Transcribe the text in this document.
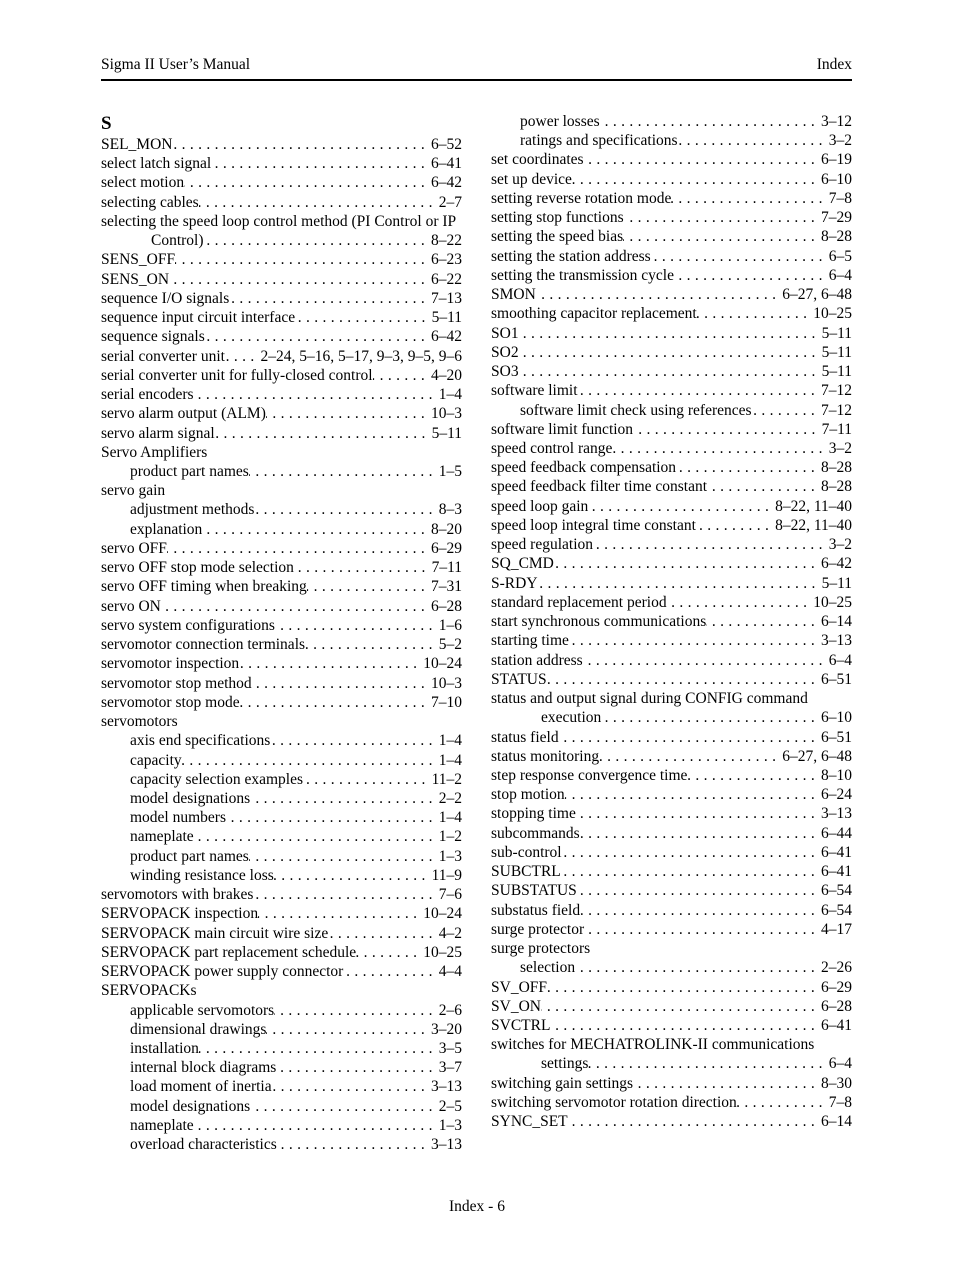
Sigma II User’s Manual	Index
S
SEL_MON . . .	6–52
select latch signal . . .	6–41
select motion . . .	6–42
selecting cables . . .	2–7
selecting the speed loop control method (PI Control or IP
Control) . . .	8–22
SENS_OFF . . .	6–23
SENS_ON . . .	6–22
sequence I/O signals . . .	7–13
sequence input circuit interface . . .	5–11
sequence signals . . .	6–42
serial converter unit . . . 2–24, 5–16, 5–17, 9–3, 9–5, 9–6
serial converter unit for fully-closed control . . .	4–20
serial encoders . . .	1–4
servo alarm output (ALM) . . .	10–3
servo alarm signal . . .	5–11
Servo Amplifiers
product part names . . .	1–5
servo gain
adjustment methods . . .	8–3
explanation . . .	8–20
servo OFF . . .	6–29
servo OFF stop mode selection . . .	7–11
servo OFF timing when breaking . . .	7–31
servo ON . . .	6–28
servo system configurations . . .	1–6
servomotor connection terminals . . .	5–2
servomotor inspection . . .	10–24
servomotor stop method . . .	10–3
servomotor stop mode . . .	7–10
servomotors
axis end specifications . . .	1–4
capacity . . .	1–4
capacity selection examples . . .	11–2
model designations . . .	2–2
model numbers . . .	1–4
nameplate . . .	1–2
product part names . . .	1–3
winding resistance loss . . .	11–9
servomotors with brakes . . .	7–6
SERVOPACK inspection . . .	10–24
SERVOPACK main circuit wire size . . .	4–2
SERVOPACK part replacement schedule . . .	10–25
SERVOPACK power supply connector . . .	4–4
SERVOPACKs
applicable servomotors . . .	2–6
dimensional drawings . . .	3–20
installation . . .	3–5
internal block diagrams . . .	3–7
load moment of inertia . . .	3–13
model designations . . .	2–5
nameplate . . .	1–3
overload characteristics . . .	3–13
power losses . . .	3–12
ratings and specifications . . .	3–2
set coordinates . . .	6–19
set up device . . .	6–10
setting reverse rotation mode . . .	7–8
setting stop functions . . .	7–29
setting the speed bias . . .	8–28
setting the station address . . .	6–5
setting the transmission cycle . . .	6–4
SMON . . .	6–27, 6–48
smoothing capacitor replacement . . .	10–25
SO1 . . .	5–11
SO2 . . .	5–11
SO3 . . .	5–11
software limit . . .	7–12
software limit check using references . . .	7–12
software limit function . . .	7–11
speed control range . . .	3–2
speed feedback compensation . . .	8–28
speed feedback filter time constant . . .	8–28
speed loop gain . . .	8–22, 11–40
speed loop integral time constant . . .	8–22, 11–40
speed regulation . . .	3–2
SQ_CMD . . .	6–42
S-RDY . . .	5–11
standard replacement period . . .	10–25
start synchronous communications . . .	6–14
starting time . . .	3–13
station address . . .	6–4
STATUS . . .	6–51
status and output signal during CONFIG command
execution . . .	6–10
status field . . .	6–51
status monitoring . . .	6–27, 6–48
step response convergence time . . .	8–10
stop motion . . .	6–24
stopping time . . .	3–13
subcommands . . .	6–44
sub-control . . .	6–41
SUBCTRL . . .	6–41
SUBSTATUS . . .	6–54
substatus field . . .	6–54
surge protector . . .	4–17
surge protectors
selection . . .	2–26
SV_OFF . . .	6–29
SV_ON . . .	6–28
SVCTRL . . .	6–41
switches for MECHATROLINK-II communications
settings . . .	6–4
switching gain settings . . .	8–30
switching servomotor rotation direction . . .	7–8
SYNC_SET . . .	6–14
Index - 6
